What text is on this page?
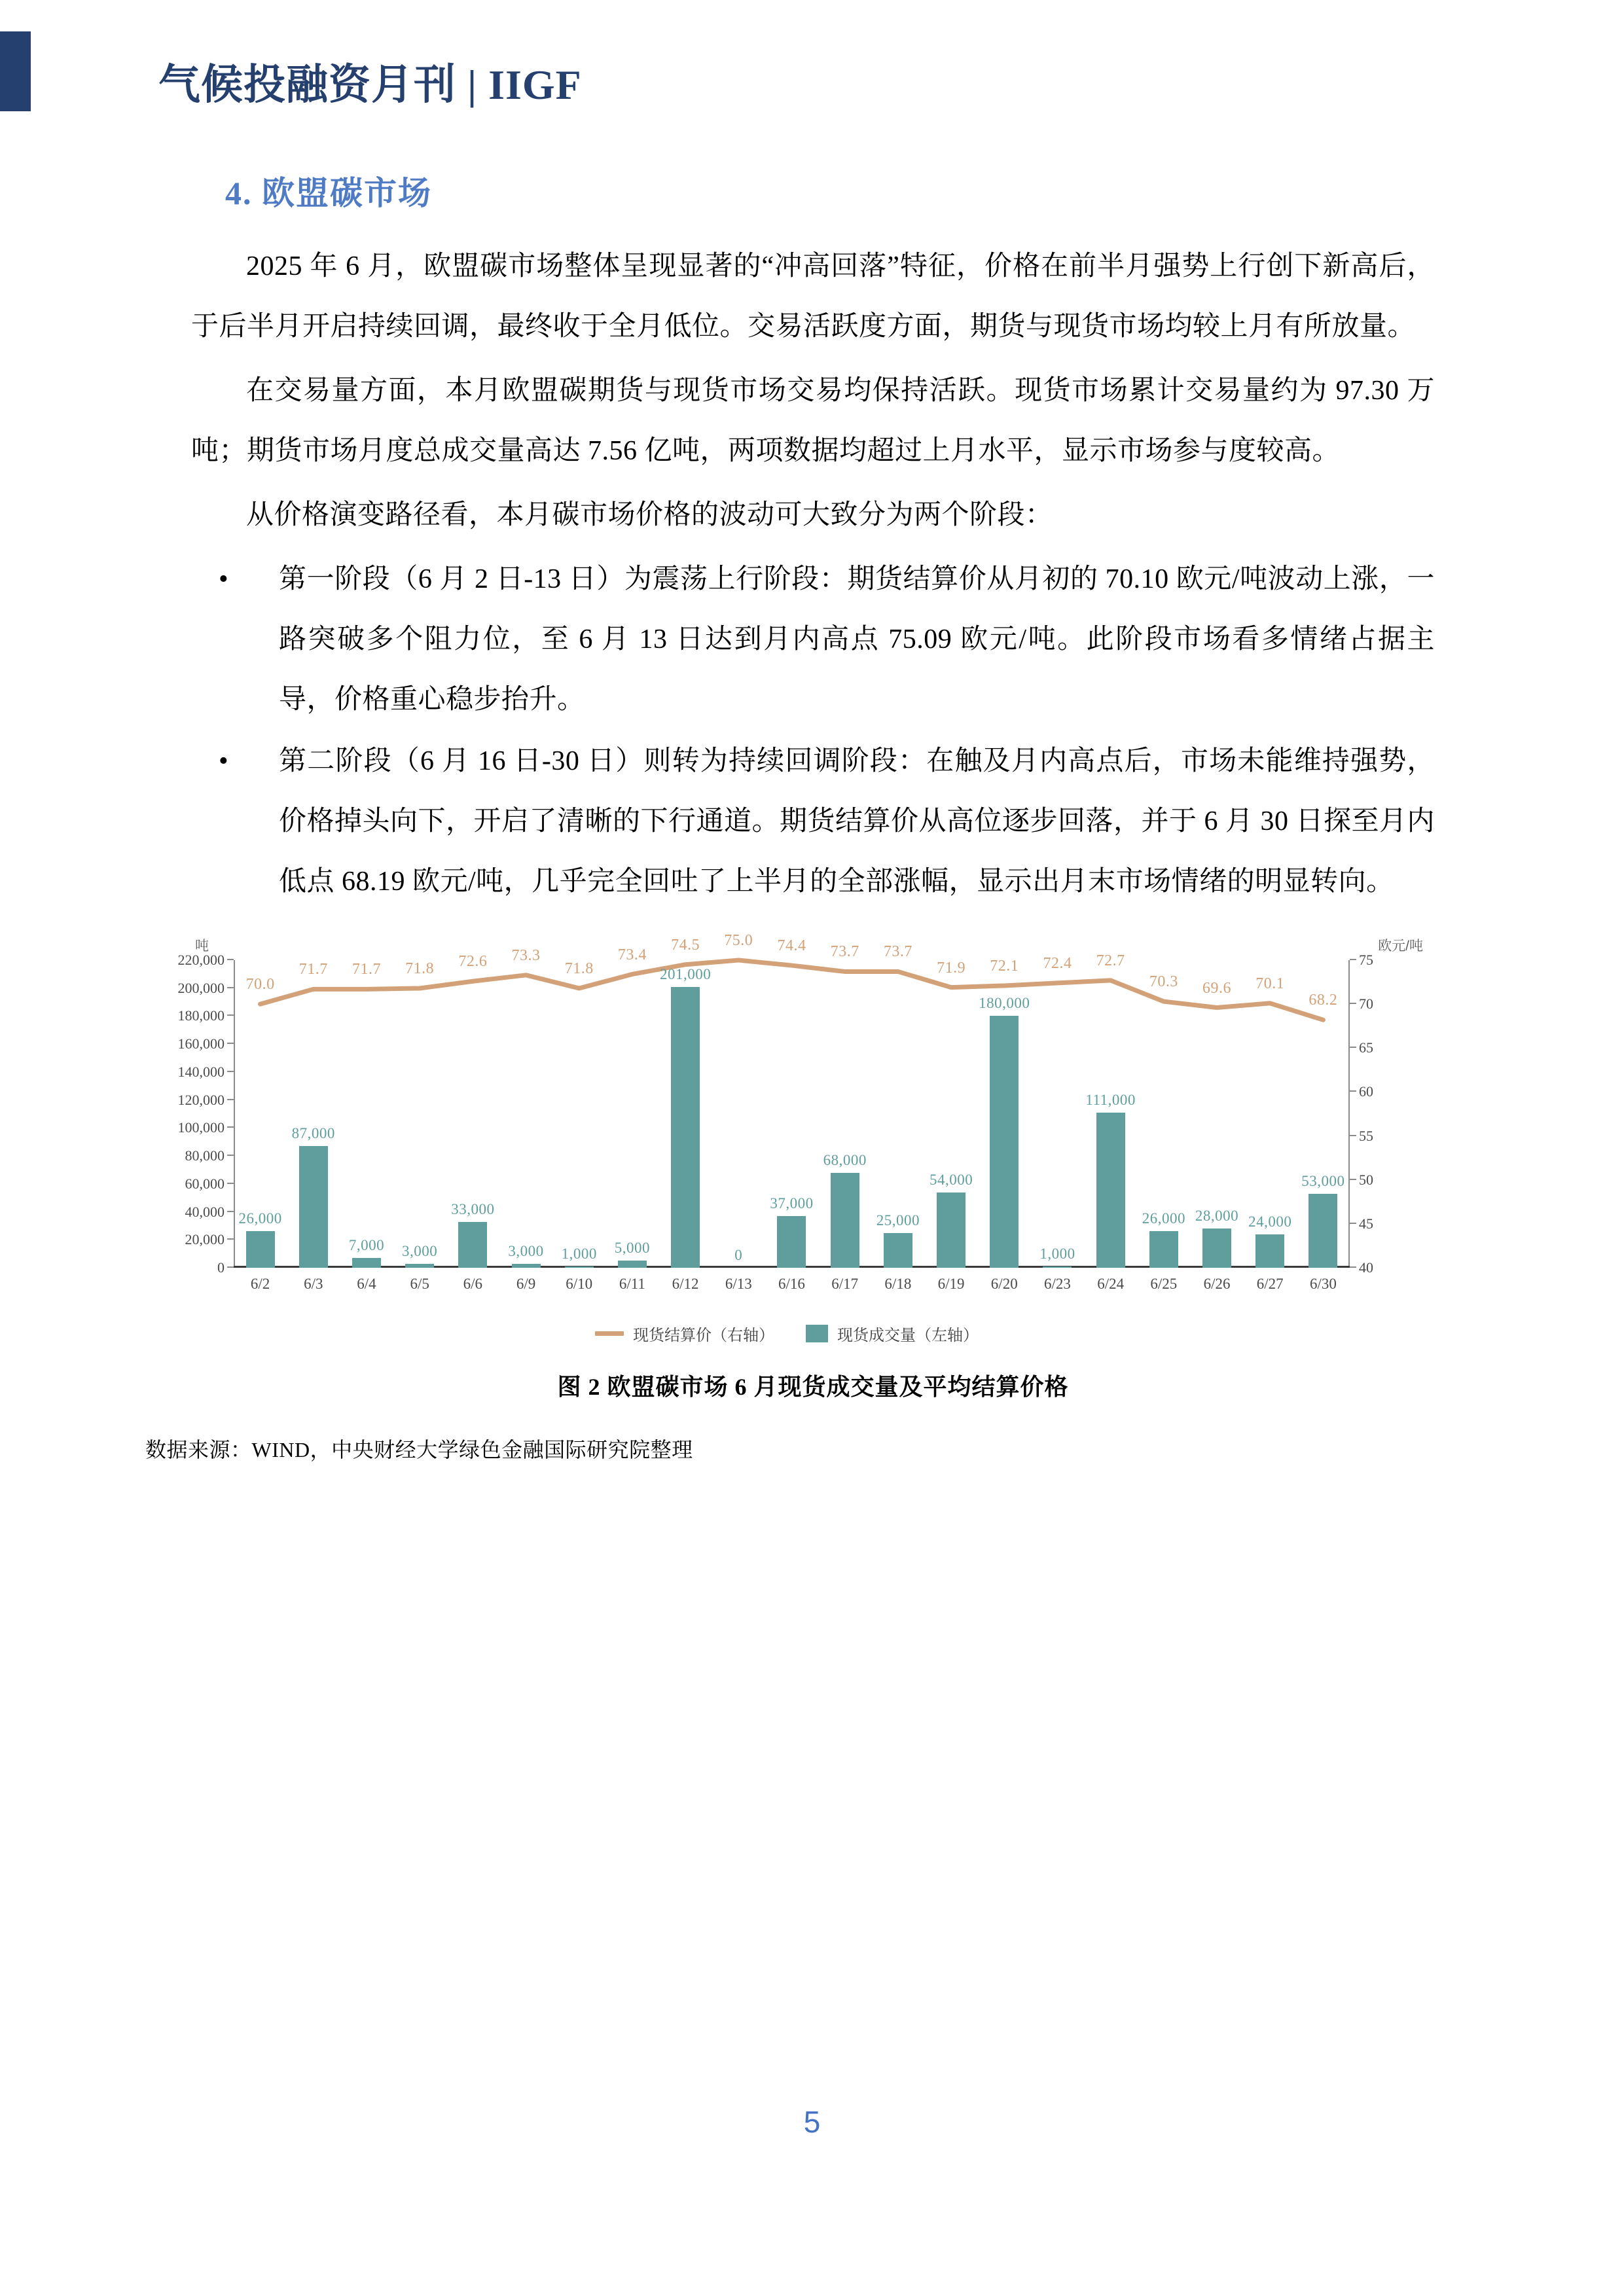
气候投融资月刊 | IIGF
4. 欧盟碳市场

2025 年 6 月，欧盟碳市场整体呈现显著的“冲高回落”特征，价格在前半月强势上行创下新高后，于后半月开启持续回调，最终收于全月低位。交易活跃度方面，期货与现货市场均较上月有所放量。

在交易量方面，本月欧盟碳期货与现货市场交易均保持活跃。现货市场累计交易量约为 97.30 万吨；期货市场月度总成交量高达 7.56 亿吨，两项数据均超过上月水平，显示市场参与度较高。

从价格演变路径看，本月碳市场价格的波动可大致分为两个阶段：

• 第一阶段（6 月 2 日-13 日）为震荡上行阶段：期货结算价从月初的 70.10 欧元/吨波动上涨，一路突破多个阻力位，至 6 月 13 日达到月内高点 75.09 欧元/吨。此阶段市场看多情绪占据主导，价格重心稳步抬升。
• 第二阶段（6 月 16 日-30 日）则转为持续回调阶段：在触及月内高点后，市场未能维持强势，价格掉头向下，开启了清晰的下行通道。期货结算价从高位逐步回落，并于 6 月 30 日探至月内低点 68.19 欧元/吨，几乎完全回吐了上半月的全部涨幅，显示出月末市场情绪的明显转向。
吨	欧元/吨
0
20,000
40,000
60,000
80,000
100,000
120,000
140,000
160,000
180,000
200,000
220,000
40
45
50
55
60
65
70
75
26,000
70.0
6/2
87,000
71.7
6/3
7,000
71.7
6/4
3,000
71.8
6/5
33,000
72.6
6/6
3,000
73.3
6/9
1,000
71.8
6/10
5,000
73.4
6/11
201,000
74.5
6/12
0
75.0
6/13
37,000
74.4
6/16
68,000
73.7
6/17
25,000
73.7
6/18
54,000
71.9
6/19
180,000
72.1
6/20
1,000
72.4
6/23
111,000
72.7
6/24
26,000
70.3
6/25
28,000
69.6
6/26
24,000
70.1
6/27
53,000
68.2
6/30
现货结算价（右轴）	现货成交量（左轴）
图 2 欧盟碳市场 6 月现货成交量及平均结算价格
数据来源：WIND，中央财经大学绿色金融国际研究院整理
5
